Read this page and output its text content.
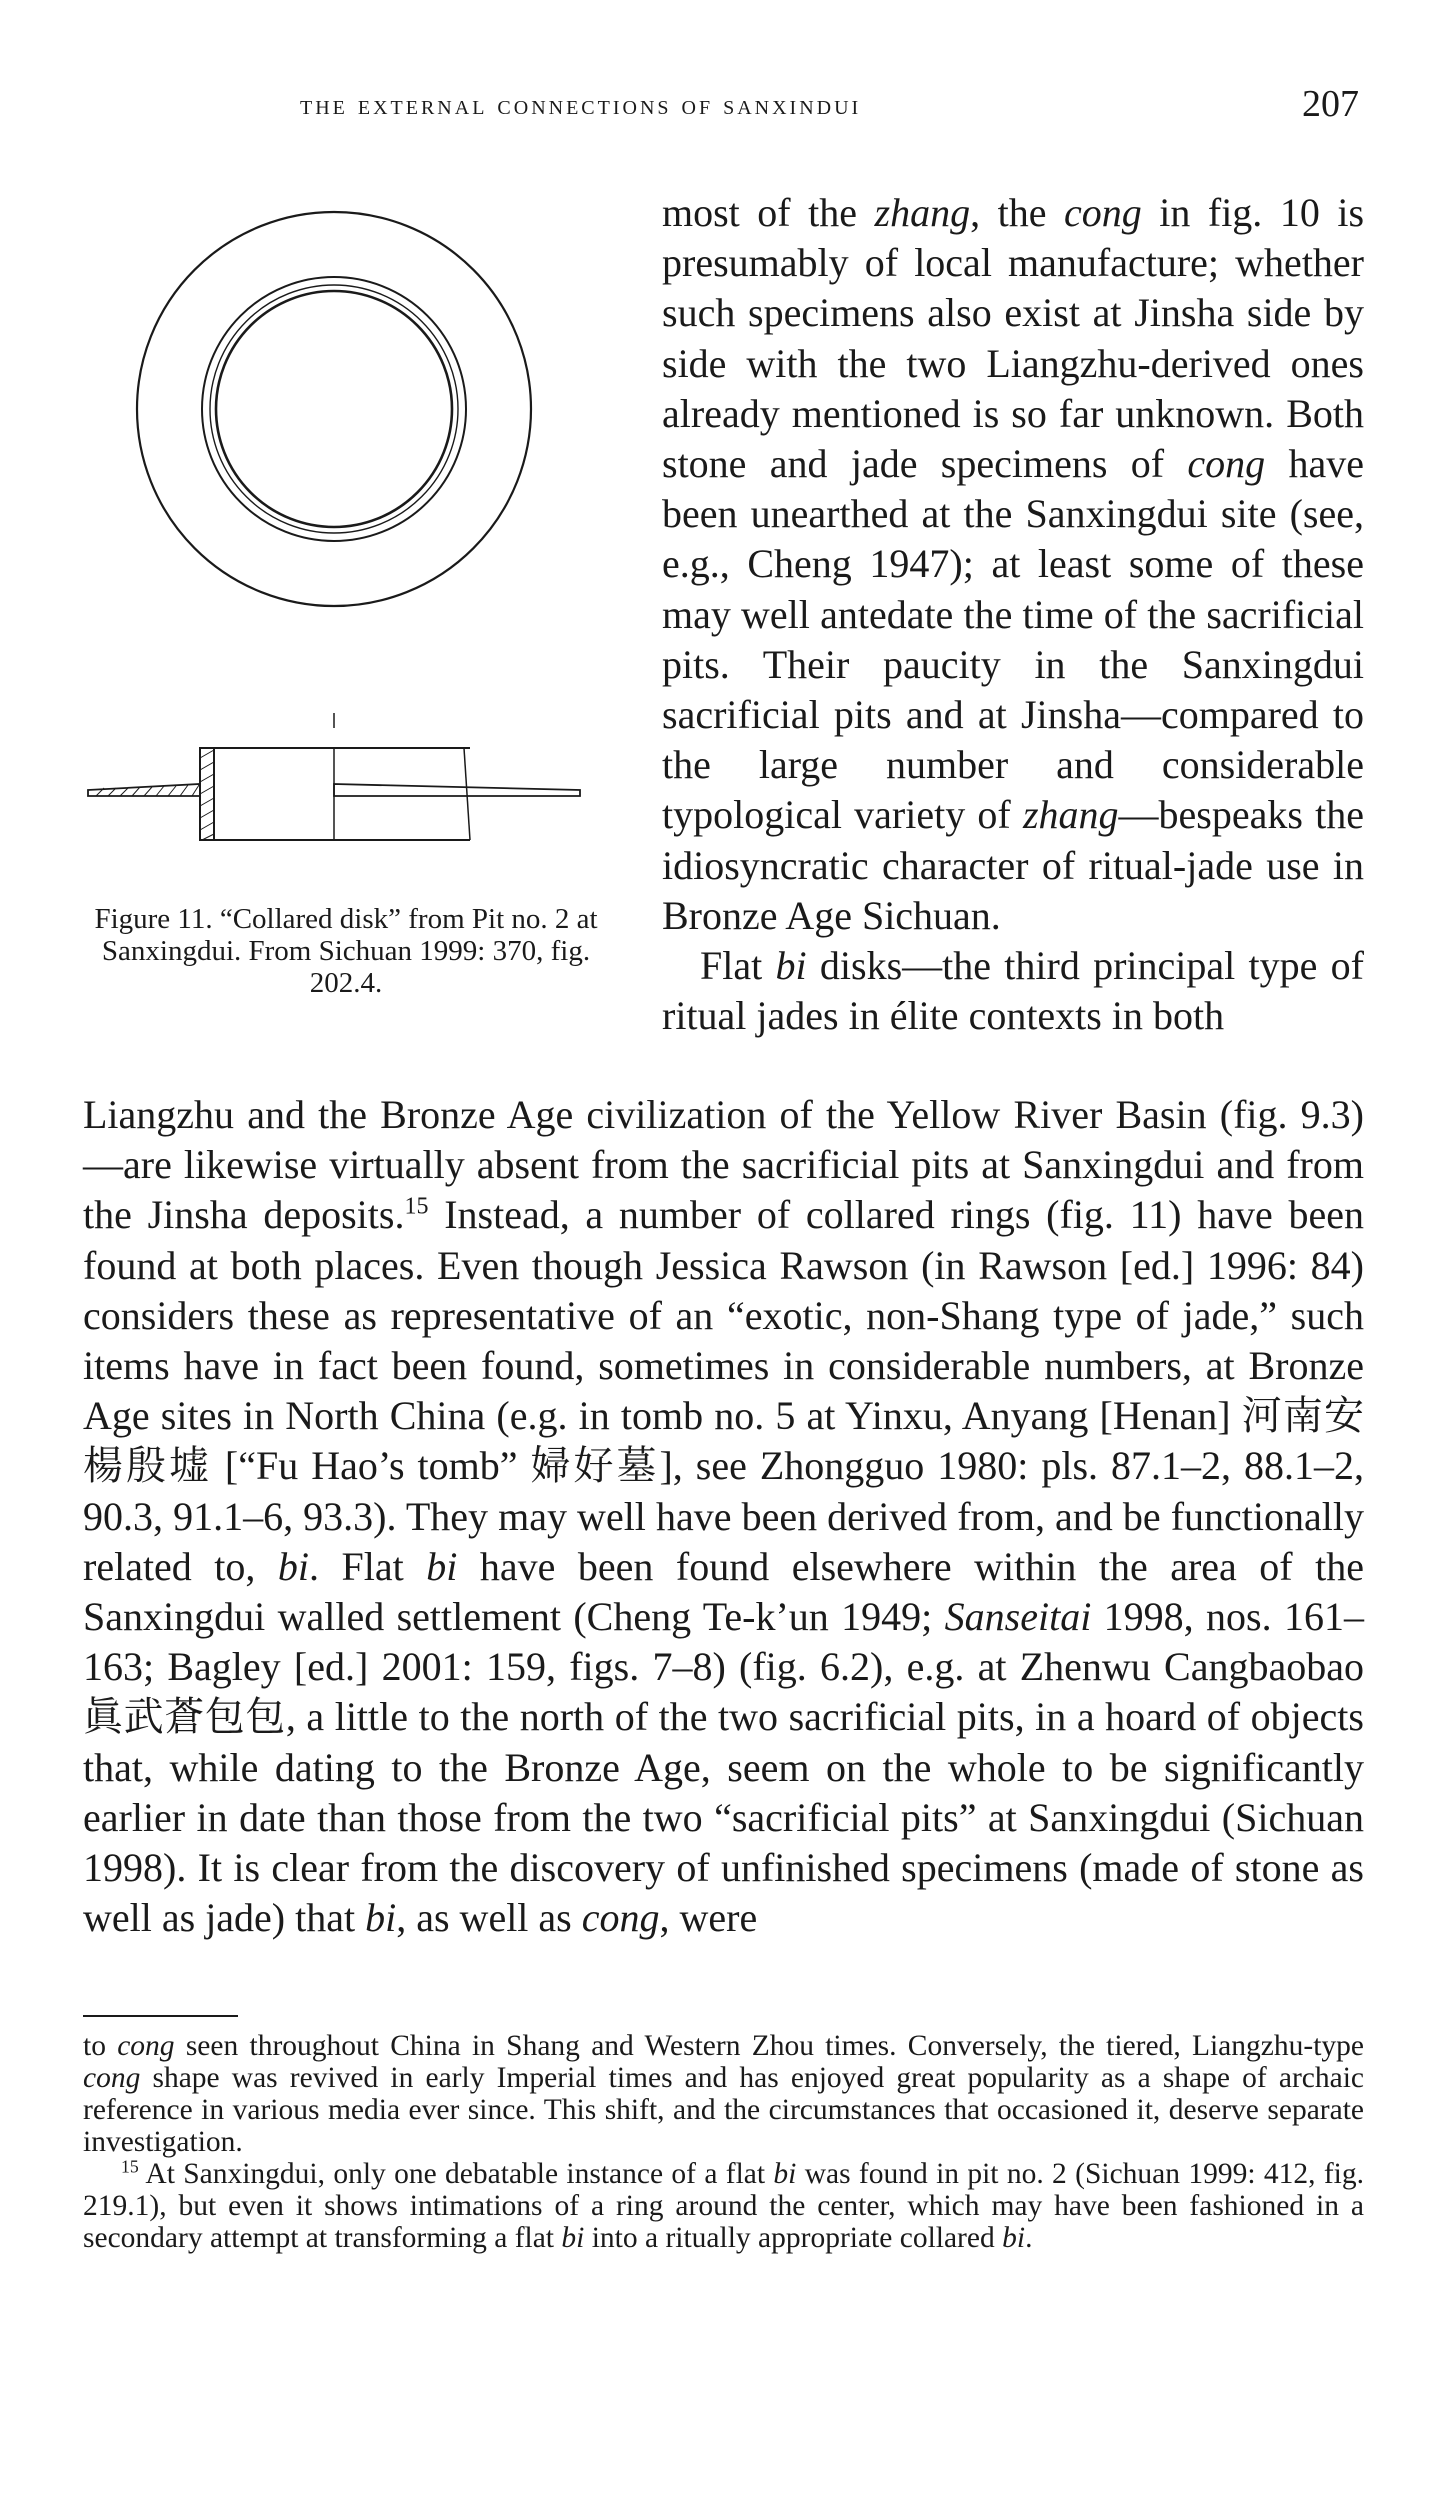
the external connections of sanxindui	207
Figure 11. “Collared disk” from Pit no. 2 at Sanxingdui. From Sichuan 1999: 370, fig. 202.4.

most of the zhang, the cong in fig. 10 is presumably of local manufacture; whether such specimens also exist at Jinsha side by side with the two Liangzhu-derived ones already mentioned is so far unknown. Both stone and jade specimens of cong have been unearthed at the Sanxingdui site (see, e.g., Cheng 1947); at least some of these may well antedate the time of the sacrificial pits. Their paucity in the Sanxingdui sacrificial pits and at Jinsha—compared to the large number and considerable typological variety of zhang—bespeaks the idiosyncratic character of ritual-jade use in Bronze Age Sichuan.

Flat bi disks—the third principal type of ritual jades in élite contexts in both

Liangzhu and the Bronze Age civilization of the Yellow River Basin (fig. 9.3)—are likewise virtually absent from the sacrificial pits at Sanxingdui and from the Jinsha deposits.$^{15}$ Instead, a number of collared rings (fig. 11) have been found at both places. Even though Jessica Rawson (in Rawson [ed.] 1996: 84) considers these as representative of an “exotic, non-Shang type of jade,” such items have in fact been found, sometimes in considerable numbers, at Bronze Age sites in North China (e.g. in tomb no. 5 at Yinxu, Anyang [Henan] 河南安楊殷墟 [“Fu Hao’s tomb” 婦好墓], see Zhongguo 1980: pls. 87.1–2, 88.1–2, 90.3, 91.1–6, 93.3). They may well have been derived from, and be functionally related to, bi. Flat bi have been found elsewhere within the area of the Sanxingdui walled settlement (Cheng Te-k’un 1949; Sanseitai 1998, nos. 161–163; Bagley [ed.] 2001: 159, figs. 7–8) (fig. 6.2), e.g. at Zhenwu Cangbaobao 眞武蒼包包, a little to the north of the two sacrificial pits, in a hoard of objects that, while dating to the Bronze Age, seem on the whole to be significantly earlier in date than those from the two “sacrificial pits” at Sanxingdui (Sichuan 1998). It is clear from the discovery of unfinished specimens (made of stone as well as jade) that bi, as well as cong, were

to cong seen throughout China in Shang and Western Zhou times. Conversely, the tiered, Liangzhu-type cong shape was revived in early Imperial times and has enjoyed great popularity as a shape of archaic reference in various media ever since. This shift, and the circumstances that occasioned it, deserve separate investigation.

$^{15}$ At Sanxingdui, only one debatable instance of a flat bi was found in pit no. 2 (Sichuan 1999: 412, fig. 219.1), but even it shows intimations of a ring around the center, which may have been fashioned in a secondary attempt at transforming a flat bi into a ritually appropriate collared bi.
